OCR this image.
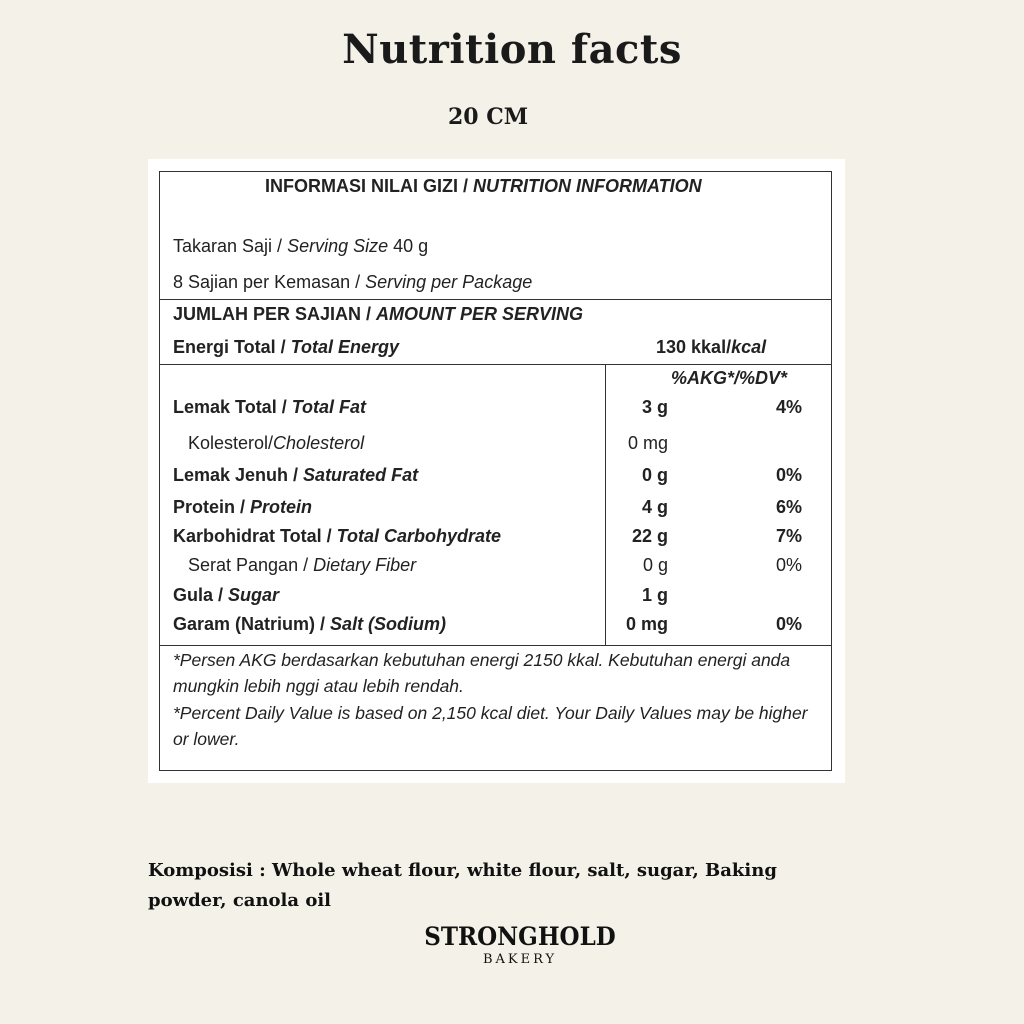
Nutrition facts
20 CM
INFORMASI NILAI GIZI / NUTRITION INFORMATION
Takaran Saji / Serving Size 40 g
8 Sajian per Kemasan / Serving per Package
JUMLAH PER SAJIAN / AMOUNT PER SERVING
Energi Total / Total Energy	130 kkal/kcal
%AKG*/%DV*
Lemak Total / Total Fat	3 g	4%
Kolesterol/Cholesterol	0 mg
Lemak Jenuh / Saturated Fat	0 g	0%
Protein / Protein	4 g	6%
Karbohidrat Total / Total Carbohydrate	22 g	7%
Serat Pangan / Dietary Fiber	0 g	0%
Gula / Sugar	1 g
Garam (Natrium) / Salt (Sodium)	0 mg	0%
*Persen AKG berdasarkan kebutuhan energi 2150 kkal. Kebutuhan energi anda mungkin lebih nggi atau lebih rendah.
*Percent Daily Value is based on 2,150 kcal diet. Your Daily Values may be higher or lower.
Komposisi : Whole wheat flour, white flour, salt, sugar, Baking powder, canola oil
STRONGHOLD
BAKERY
